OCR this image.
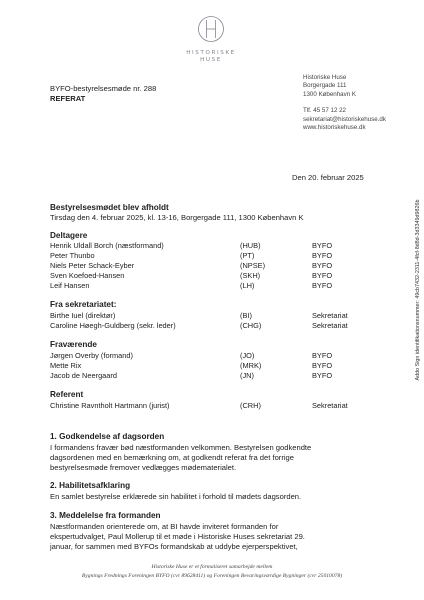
HISTORISKE
HUSE
Historiske Huse
Borgergade 111
1300 København K
Tlf. 45 57 12 22
sekretariat@historiskehuse.dk
www.historiskehuse.dk
BYFO-bestyrelsesmøde nr. 288
REFERAT
Den 20. februar 2025
Addo Sign identifikationsnummer: 49cb7432-2311-4fcf-8d8d-3d3349d9826b
Bestyrelsesmødet blev afholdt
Tirsdag den 4. februar 2025, kl. 13-16, Borgergade 111, 1300 København K
Deltagere
Henrik Uldall Borch (næstformand)	(HUB)	BYFO
Peter Thunbo	(PT)	BYFO
Niels Peter Schack-Eyber	(NPSE)	BYFO
Sven Koefoed-Hansen	(SKH)	BYFO
Leif Hansen	(LH)	BYFO
Fra sekretariatet:
Birthe Iuel (direktør)	(BI)	Sekretariat
Caroline Høegh-Guldberg (sekr. leder)	(CHG)	Sekretariat
Fraværende
Jørgen Overby (formand)	(JO)	BYFO
Mette Rix	(MRK)	BYFO
Jacob de Neergaard	(JN)	BYFO
Referent
Christine Ravntholt Hartmann (jurist)	(CRH)	Sekretariat
1. Godkendelse af dagsorden
I formandens fravær bød næstformanden velkommen. Bestyrelsen godkendte
dagsordenen med en bemærkning om, at godkendt referat fra det forrige
bestyrelsesmøde fremover vedlægges mødematerialet.
2. Habilitetsafklaring
En samlet bestyrelse erklærede sin habilitet i forhold til mødets dagsorden.
3. Meddelelse fra formanden
Næstformanden orienterede om, at BI havde inviteret formanden for
ekspertudvalget, Paul Mollerup til et møde i Historiske Huses sekretariat 29.
januar, for sammen med BYFOs formandskab at uddybe ejerperspektivet,
Historiske Huse er et formaliseret samarbejde mellem
Bygnings Frednings Foreningen BYFO (cvr 89628411) og Foreningen Bevaringsværdige Bygninger (cvr 25010078)
